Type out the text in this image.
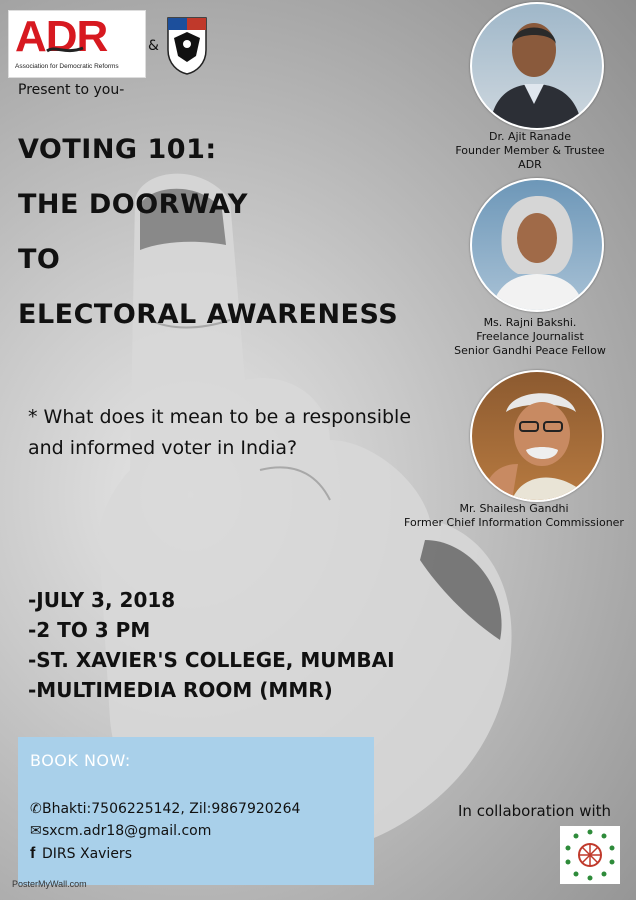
ADR
Association for Democratic Reforms
&
Present to you-
VOTING 101:
THE DOORWAY
TO
ELECTORAL AWARENESS
* What does it mean to be a responsible and informed voter in India?
-JULY 3, 2018
-2 TO 3 PM
-ST. XAVIER'S COLLEGE, MUMBAI
-MULTIMEDIA ROOM (MMR)
Dr. Ajit Ranade
Founder Member & Trustee
ADR
Ms. Rajni Bakshi.
Freelance Journalist
Senior Gandhi Peace Fellow
Mr. Shailesh Gandhi
Former Chief Information Commissioner
BOOK NOW:
✆Bhakti:7506225142, Zil:9867920264
✉sxcm.adr18@gmail.com
f DIRS Xaviers
In collaboration with
PosterMyWall.com
